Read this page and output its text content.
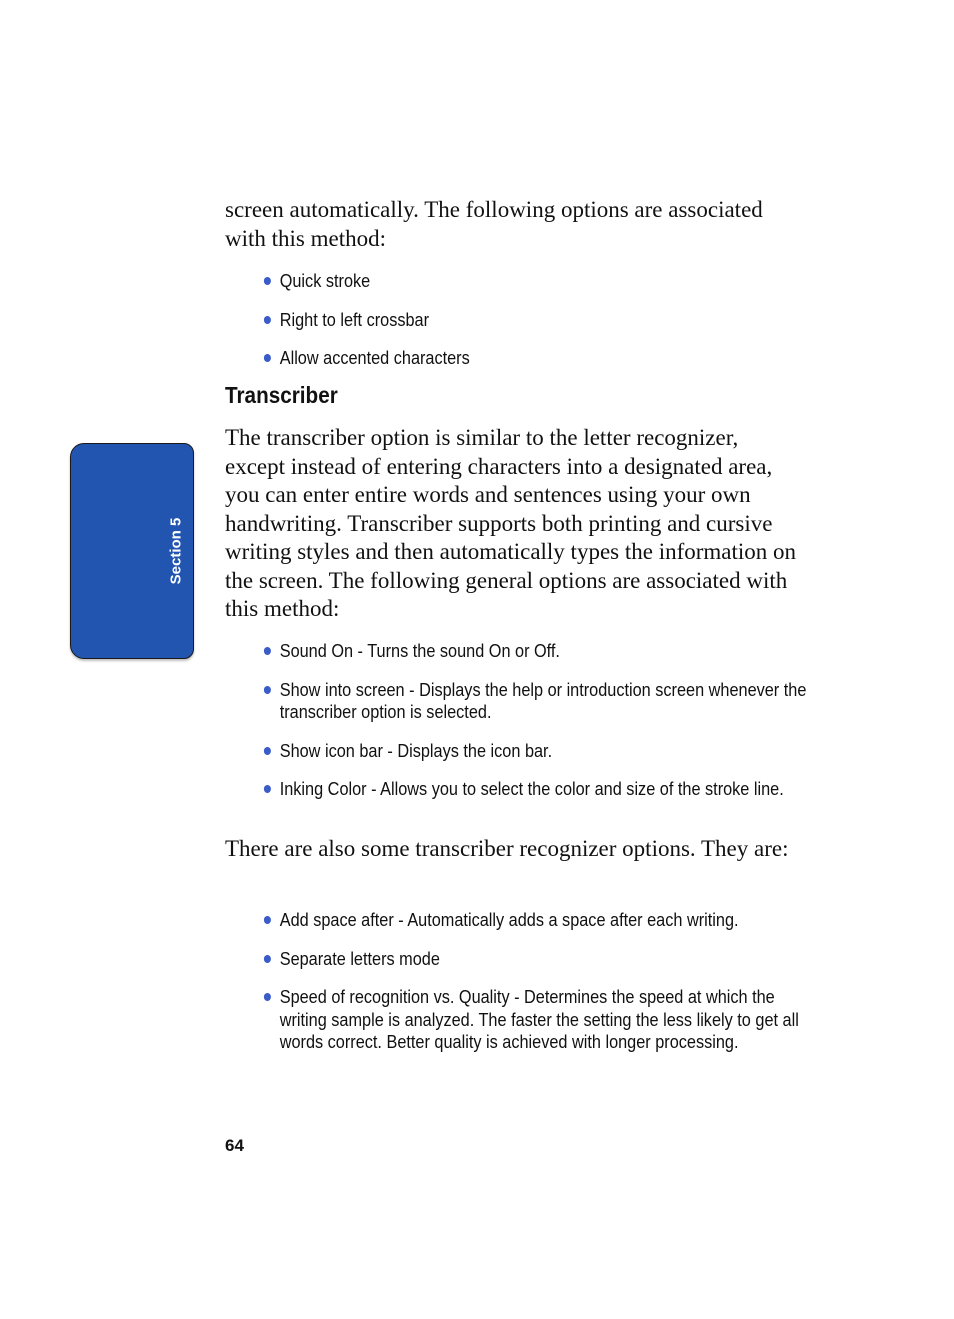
screen automatically. The following options are associated with this method:

Quick stroke
Right to left crossbar
Allow accented characters
Transcriber

The transcriber option is similar to the letter recognizer, except instead of entering characters into a designated area, you can enter entire words and sentences using your own handwriting. Transcriber supports both printing and cursive writing styles and then automatically types the information on the screen. The following general options are associated with this method:

Sound On - Turns the sound On or Off.
Show into screen - Displays the help or introduction screen whenever the transcriber option is selected.
Show icon bar - Displays the icon bar.
Inking Color - Allows you to select the color and size of the stroke line.

There are also some transcriber recognizer options. They are:

Add space after - Automatically adds a space after each writing.
Separate letters mode
Speed of recognition vs. Quality - Determines the speed at which the writing sample is analyzed. The faster the setting the less likely to get all words correct. Better quality is achieved with longer processing.
Section 5
64
